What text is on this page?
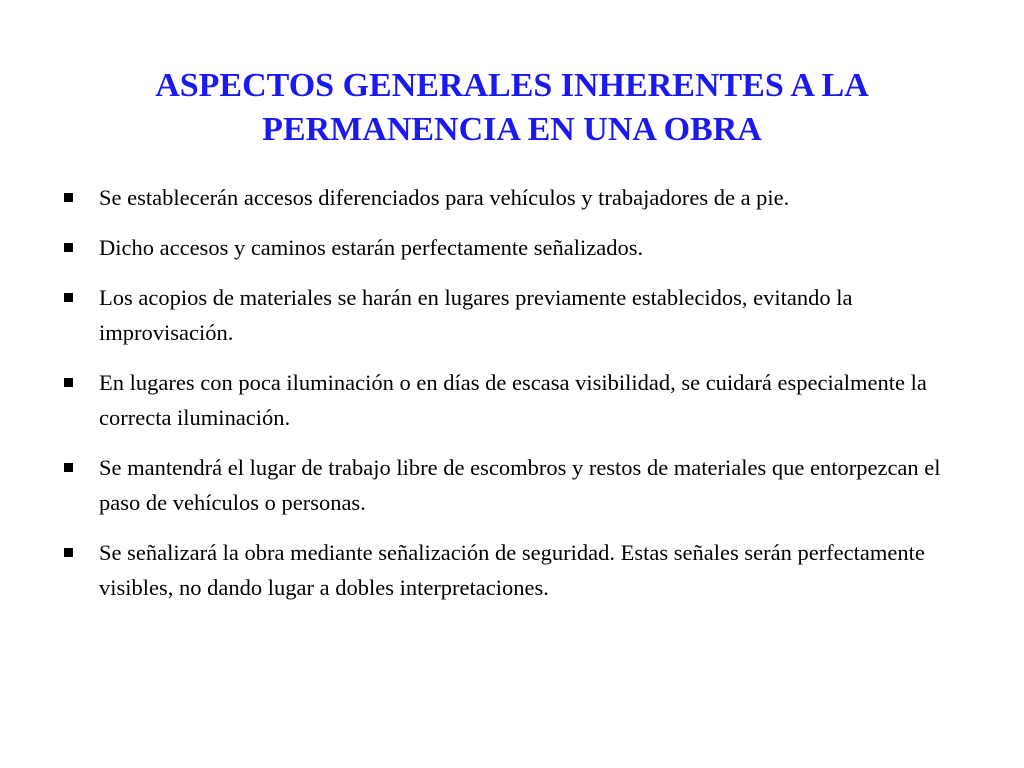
ASPECTOS GENERALES INHERENTES A LA
PERMANENCIA EN UNA OBRA
Se establecerán accesos diferenciados para vehículos y trabajadores de a pie.
Dicho accesos y caminos estarán perfectamente señalizados.
Los acopios de materiales se harán en lugares previamente establecidos, evitando la improvisación.
En lugares con poca iluminación o en días de escasa visibilidad, se cuidará especialmente la correcta iluminación.
Se mantendrá el lugar de trabajo libre de escombros y restos de materiales que entorpezcan el paso de vehículos o personas.
Se señalizará la obra mediante señalización de seguridad. Estas señales serán perfectamente visibles, no dando lugar a dobles interpretaciones.
